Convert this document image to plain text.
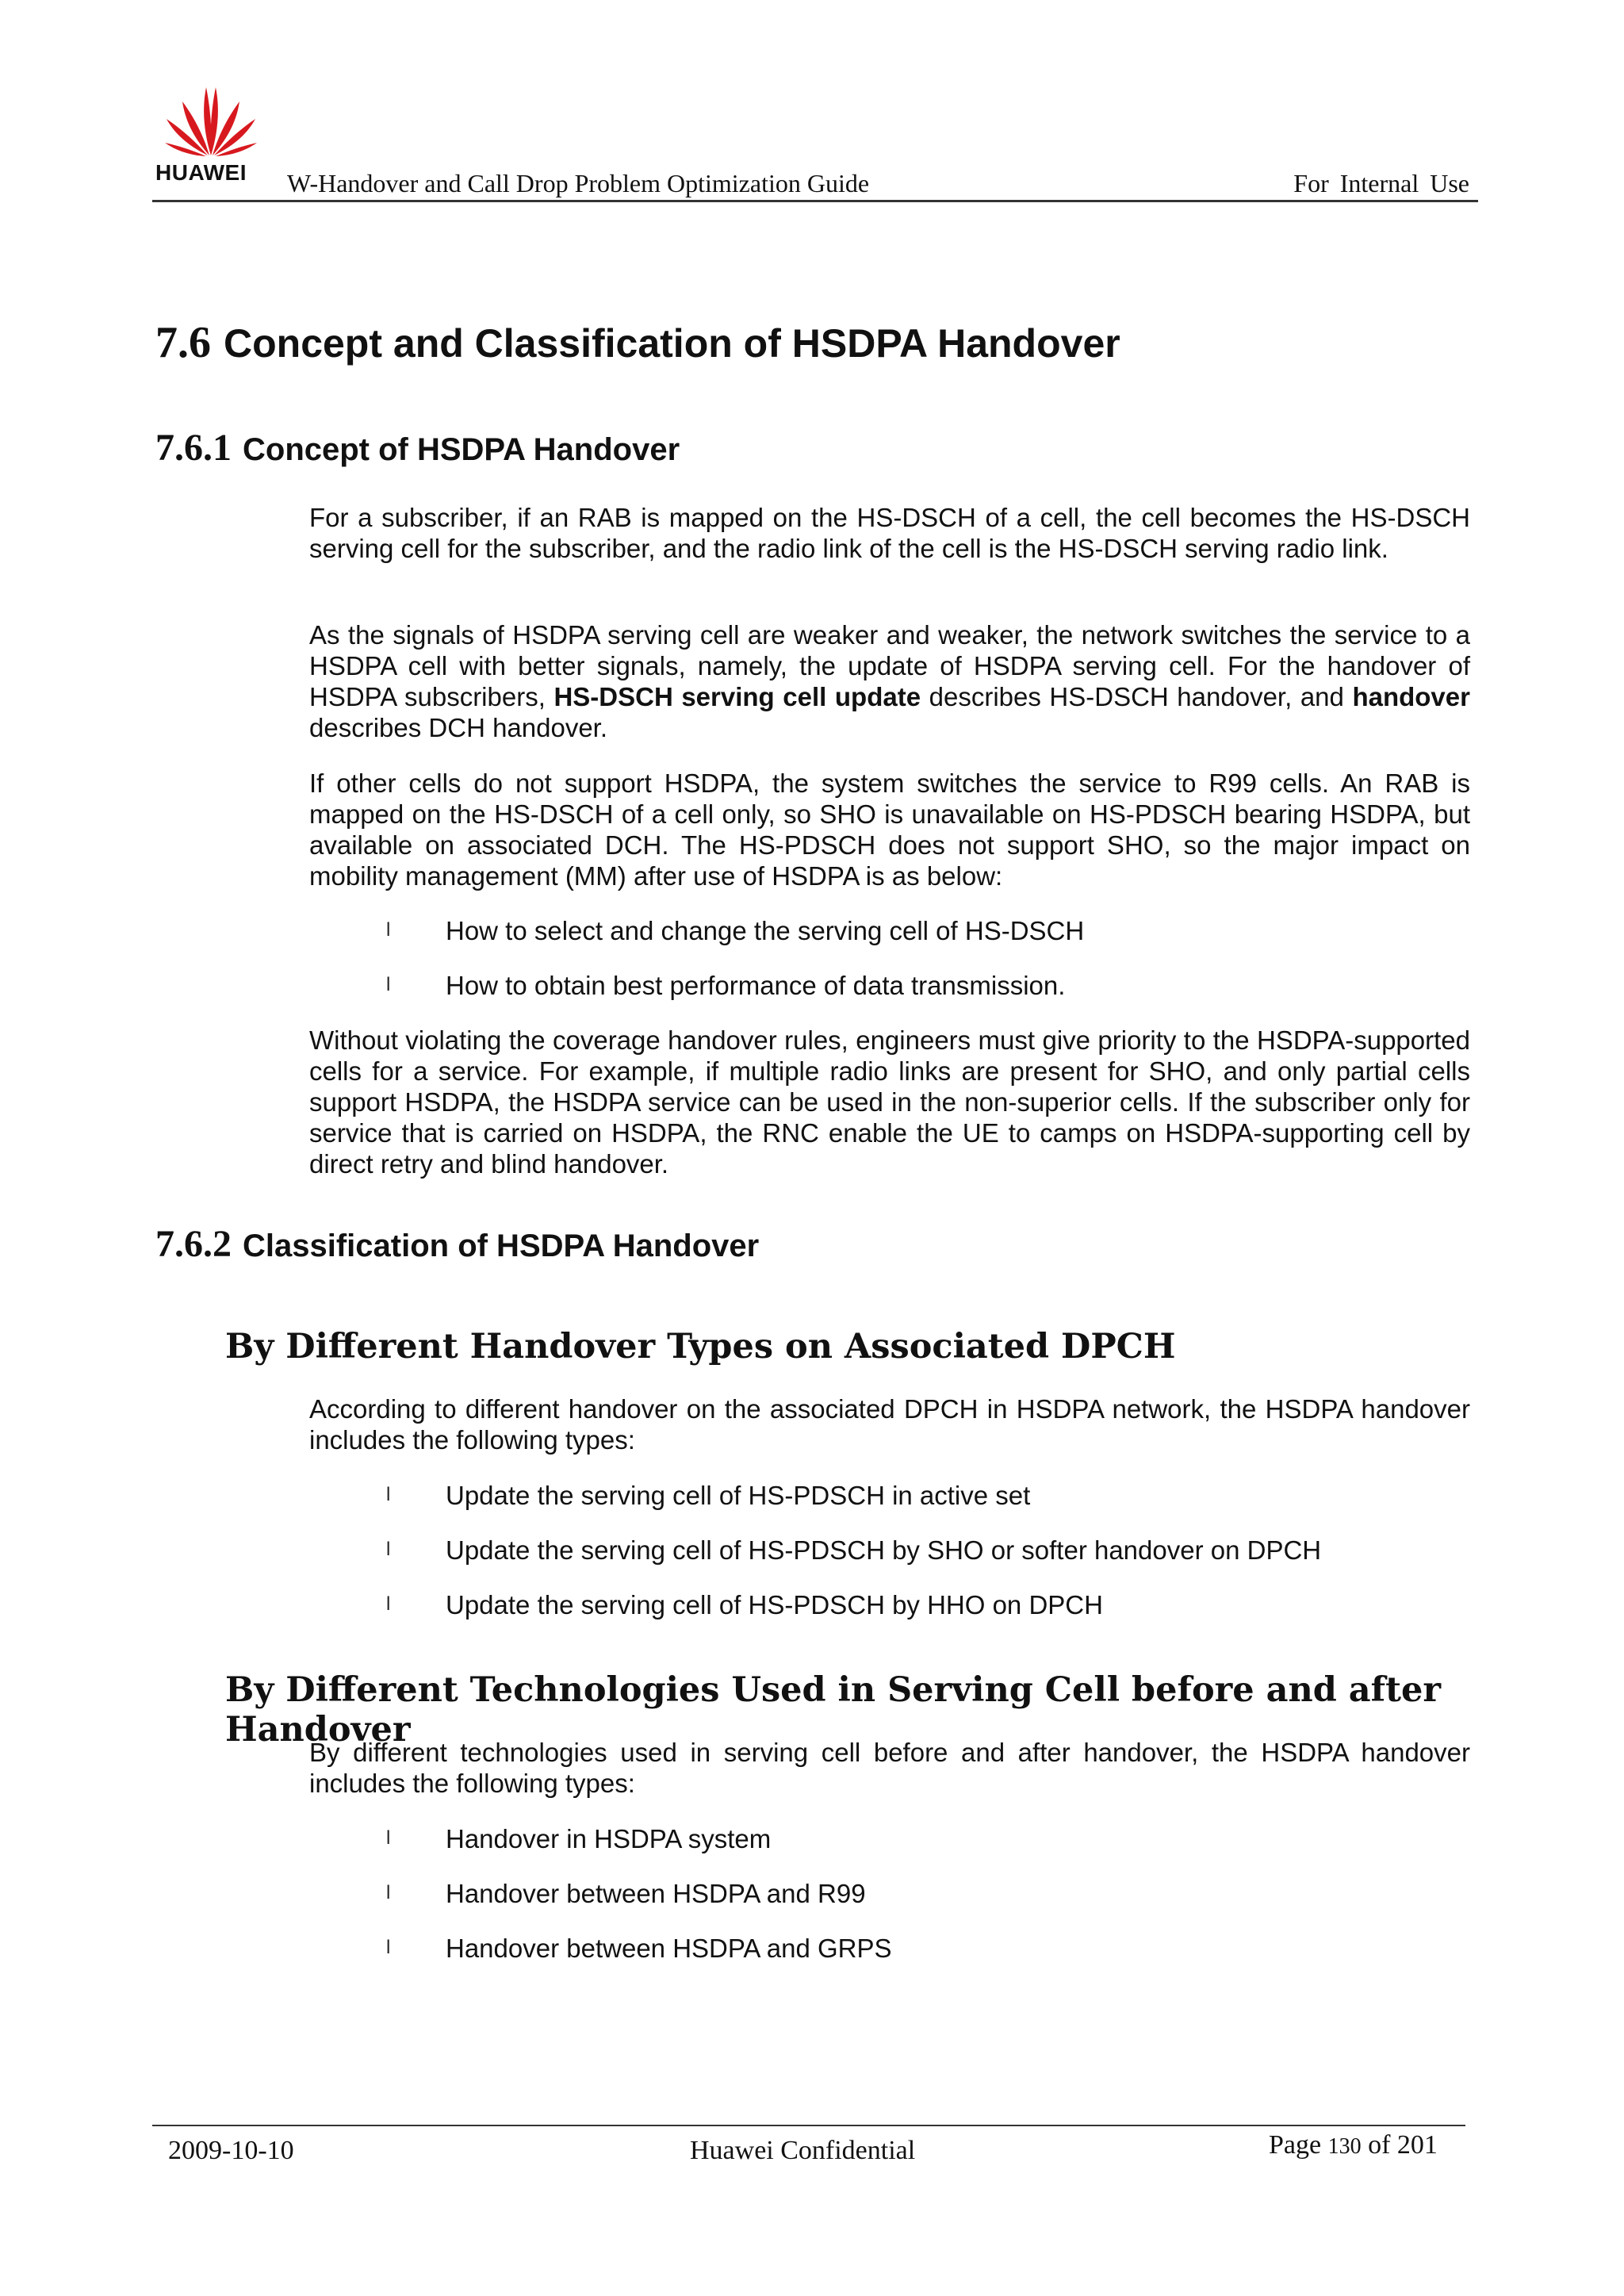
HUAWEI W-Handover and Call Drop Problem Optimization Guide	For Internal Use
7.6 Concept and Classification of HSDPA Handover
7.6.1 Concept of HSDPA Handover
For a subscriber, if an RAB is mapped on the HS-DSCH of a cell, the cell becomes the HS-DSCH serving cell for the subscriber, and the radio link of the cell is the HS-DSCH serving radio link.
As the signals of HSDPA serving cell are weaker and weaker, the network switches the service to a HSDPA cell with better signals, namely, the update of HSDPA serving cell. For the handover of HSDPA subscribers, HS-DSCH serving cell update describes HS-DSCH handover, and handover describes DCH handover.
If other cells do not support HSDPA, the system switches the service to R99 cells. An RAB is mapped on the HS-DSCH of a cell only, so SHO is unavailable on HS-PDSCH bearing HSDPA, but available on associated DCH. The HS-PDSCH does not support SHO, so the major impact on mobility management (MM) after use of HSDPA is as below:
l How to select and change the serving cell of HS-DSCH
l How to obtain best performance of data transmission.
Without violating the coverage handover rules, engineers must give priority to the HSDPA-supported cells for a service. For example, if multiple radio links are present for SHO, and only partial cells support HSDPA, the HSDPA service can be used in the non-superior cells. If the subscriber only for service that is carried on HSDPA, the RNC enable the UE to camps on HSDPA-supporting cell by direct retry and blind handover.
7.6.2 Classification of HSDPA Handover
By Different Handover Types on Associated DPCH
According to different handover on the associated DPCH in HSDPA network, the HSDPA handover includes the following types:
l Update the serving cell of HS-PDSCH in active set
l Update the serving cell of HS-PDSCH by SHO or softer handover on DPCH
l Update the serving cell of HS-PDSCH by HHO on DPCH
By Different Technologies Used in Serving Cell before and after Handover
By different technologies used in serving cell before and after handover, the HSDPA handover includes the following types:
l Handover in HSDPA system
l Handover between HSDPA and R99
l Handover between HSDPA and GRPS
2009-10-10	Huawei Confidential	Page 130 of 201
